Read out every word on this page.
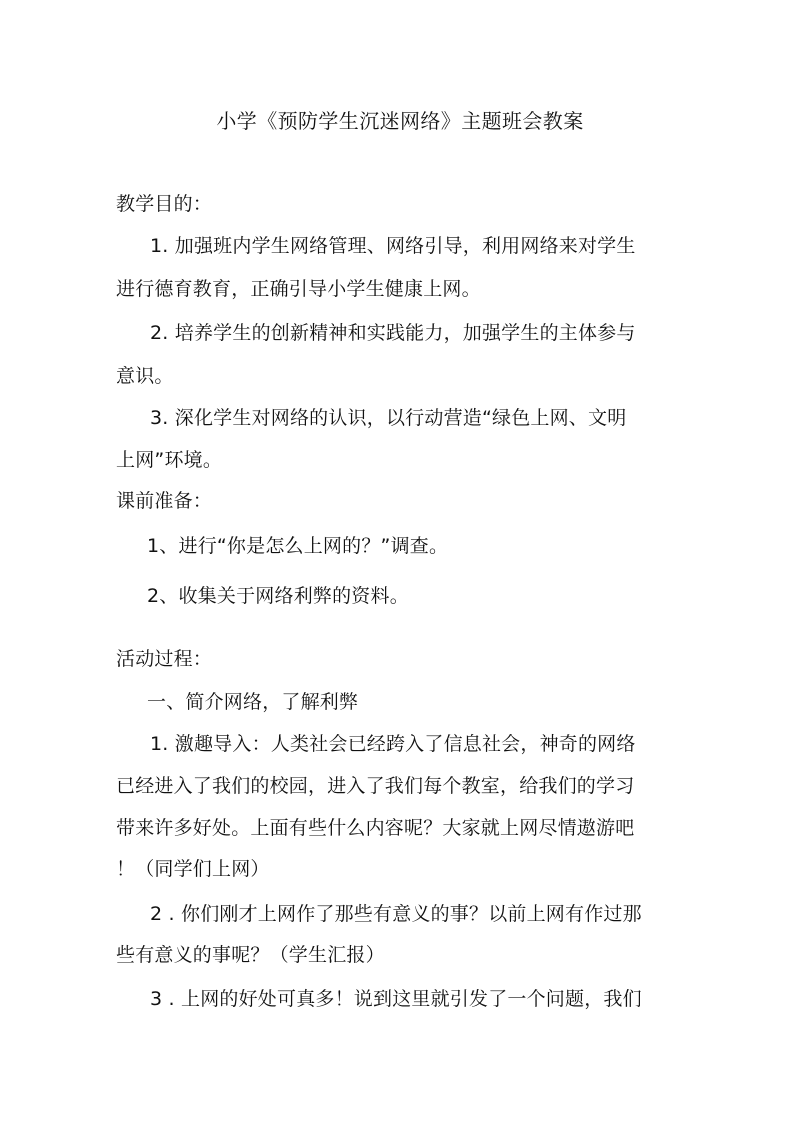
小学《预防学生沉迷网络》主题班会教案
教学目的：
1. 加强班内学生网络管理、网络引导，利用网络来对学生
进行德育教育，正确引导小学生健康上网。
2. 培养学生的创新精神和实践能力，加强学生的主体参与
意识。
3. 深化学生对网络的认识，以行动营造“绿色上网、文明
上网”环境。
课前准备：
1、进行“你是怎么上网的？”调查。
2、收集关于网络利弊的资料。
活动过程：
一、简介网络，了解利弊
1. 激趣导入：人类社会已经跨入了信息社会，神奇的网络
已经进入了我们的校园，进入了我们每个教室，给我们的学习
带来许多好处。上面有些什么内容呢？大家就上网尽情遨游吧
！（同学们上网）
2 . 你们刚才上网作了那些有意义的事？以前上网有作过那
些有意义的事呢？（学生汇报）
3 . 上网的好处可真多！说到这里就引发了一个问题，我们
